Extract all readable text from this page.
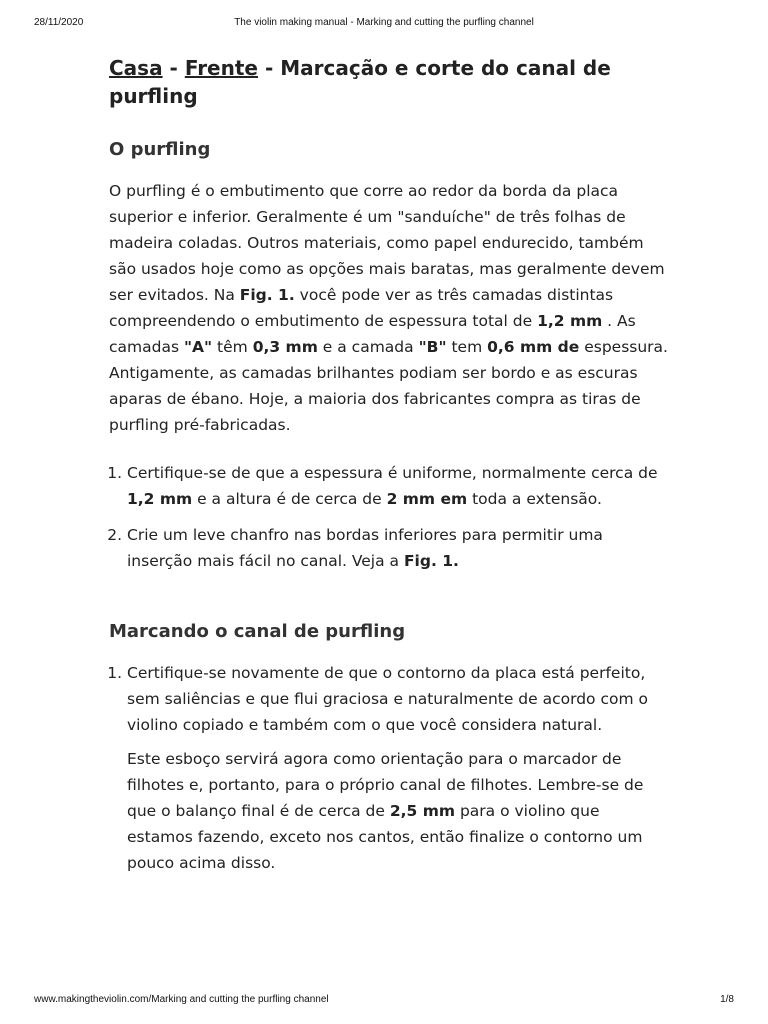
28/11/2020	The violin making manual - Marking and cutting the purfling channel
Casa - Frente - Marcação e corte do canal de purfling
O purfling

O purfling é o embutimento que corre ao redor da borda da placa superior e inferior. Geralmente é um "sanduíche" de três folhas de madeira coladas. Outros materiais, como papel endurecido, também são usados hoje como as opções mais baratas, mas geralmente devem ser evitados. Na Fig. 1. você pode ver as três camadas distintas compreendendo o embutimento de espessura total de 1,2 mm . As camadas "A" têm 0,3 mm e a camada "B" tem 0,6 mm de espessura. Antigamente, as camadas brilhantes podiam ser bordo e as escuras aparas de ébano. Hoje, a maioria dos fabricantes compra as tiras de purfling pré-fabricadas.

1. Certifique-se de que a espessura é uniforme, normalmente cerca de 1,2 mm e a altura é de cerca de 2 mm em toda a extensão.
2. Crie um leve chanfro nas bordas inferiores para permitir uma inserção mais fácil no canal. Veja a Fig. 1.
Marcando o canal de purfling
1. Certifique-se novamente de que o contorno da placa está perfeito, sem saliências e que flui graciosa e naturalmente de acordo com o violino copiado e também com o que você considera natural.
Este esboço servirá agora como orientação para o marcador de filhotes e, portanto, para o próprio canal de filhotes. Lembre-se de que o balanço final é de cerca de 2,5 mm para o violino que estamos fazendo, exceto nos cantos, então finalize o contorno um pouco acima disso.
www.makingtheviolin.com/Marking and cutting the purfling channel	1/8
